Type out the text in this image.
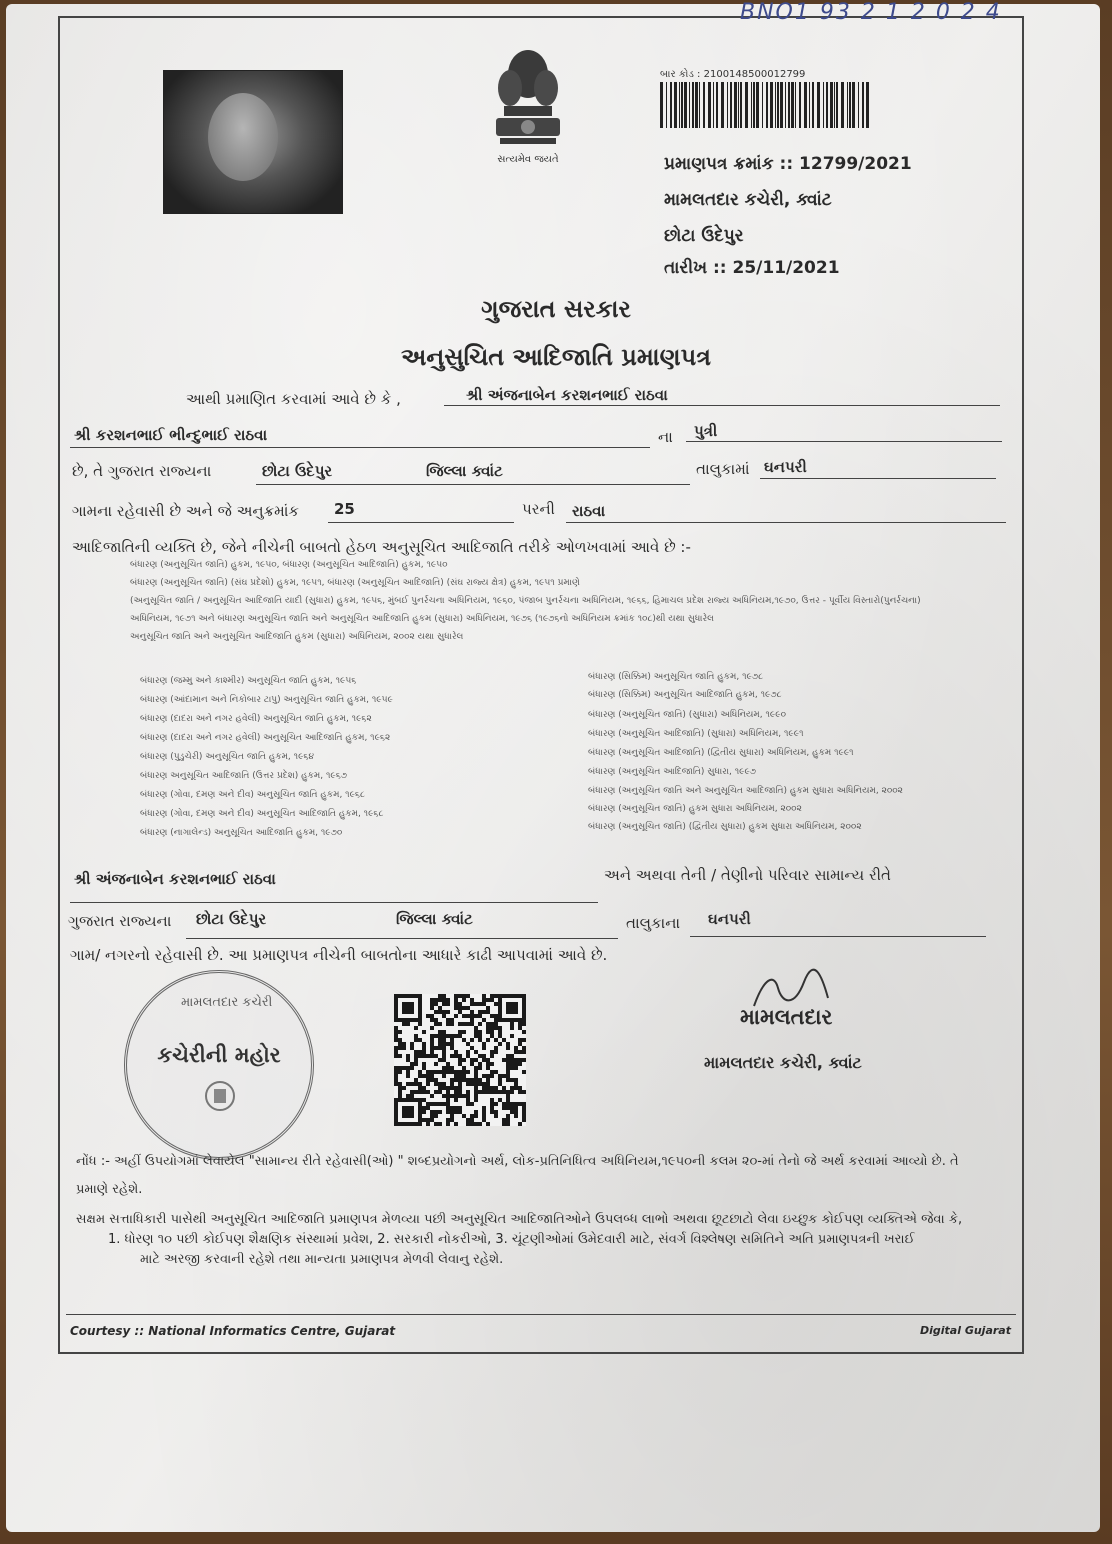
BNO1 93 2 1 2 0 2 4
સત્યમેવ જયતે
બાર કોડ : 2100148500012799
પ્રમાણપત્ર ક્રમાંક :: 12799/2021
મામલતદાર કચેરી, ક્વાંટ
છોટા ઉદેપુર
તારીખ :: 25/11/2021
ગુજરાત સરકાર
અનુસુચિત આદિજાતિ પ્રમાણપત્ર
આથી પ્રમાણિત કરવામાં આવે છે કે ,	શ્રી અંજનાબેન કરશનભાઈ રાઠવા
શ્રી કરશનભાઈ ભીન્દુભાઈ રાઠવા	ના પુત્રી
છે, તે ગુજરાત રાજ્યના	છોટા ઉદેપુર	જિલ્લા ક્વાંટ	તાલુકામાં ઘનપરી
ગામના રહેવાસી છે અને જે અનુક્રમાંક 25	પરની રાઠવા
આદિજાતિની વ્યક્તિ છે, જેને નીચેની બાબતો હેઠળ અનુસૂચિત આદિજાતિ તરીકે ઓળખવામાં આવે છે :-
બંધારણ (અનુસૂચિત જાતિ) હુકમ, ૧૯૫૦, બંધારણ (અનુસૂચિત આદિજાતિ) હુકમ, ૧૯૫૦
બંધારણ (અનુસૂચિત જાતિ) (સંઘ પ્રદેશો) હુકમ, ૧૯૫૧, બંધારણ (અનુસૂચિત આદિજાતિ) (સંઘ રાજ્ય ક્ષેત્ર) હુકમ, ૧૯૫૧ પ્રમાણે
(અનુસૂચિત જાતિ / અનુસૂચિત આદિજાતિ યાદી (સુધારા) હુકમ, ૧૯૫૬, મુંબઈ પુનર્રચના અધિનિયમ, ૧૯૬૦, પંજાબ પુનર્રચના અધિનિયમ, ૧૯૬૬, હિમાચલ પ્રદેશ રાજ્ય અધિનિયમ,૧૯૭૦, ઉત્તર - પૂર્વીય વિસ્તારો(પુનર્રચના)
અધિનિયમ, ૧૯૭૧ અને બંધારણ અનુસૂચિત જાતિ અને અનુસૂચિત આદિજાતિ હુકમ (સુધારા) અધિનિયમ, ૧૯૭૬ (૧૯૭૬નો અધિનિયમ ક્રમાંક ૧૦૮)થી યથા સુધારેલ
અનુસૂચિત જાતિ અને અનુસૂચિત આદિજાતિ હુકમ (સુધારા) અધિનિયમ, ૨૦૦૨ યથા સુધારેલ
બંધારણ (જમ્મુ અને કાશ્મીર) અનુસૂચિત જાતિ હુકમ, ૧૯૫૬
બંધારણ (આંદામાન અને નિકોબાર ટાપુ) અનુસૂચિત જાતિ હુકમ, ૧૯૫૯
બંધારણ (દાદરા અને નગર હવેલી) અનુસૂચિત જાતિ હુકમ, ૧૯૬૨
બંધારણ (દાદરા અને નગર હવેલી) અનુસૂચિત આદિજાતિ હુકમ, ૧૯૬૨
બંધારણ (પુડુચેરી) અનુસૂચિત જાતિ હુકમ, ૧૯૬૪
બંધારણ અનુસૂચિત આદિજાતિ (ઉત્તર પ્રદેશ) હુકમ, ૧૯૬૭
બંધારણ (ગોવા, દમણ અને દીવ) અનુસૂચિત જાતિ હુકમ, ૧૯૬૮
બંધારણ (ગોવા, દમણ અને દીવ) અનુસૂચિત આદિજાતિ હુકમ, ૧૯૬૮
બંધારણ (નાગાલેન્ડ) અનુસૂચિત આદિજાતિ હુકમ, ૧૯૭૦
બંધારણ (સિક્કિમ) અનુસૂચિત જાતિ હુકમ, ૧૯૭૮
બંધારણ (સિક્કિમ) અનુસૂચિત આદિજાતિ હુકમ, ૧૯૭૮
બંધારણ (અનુસૂચિત જાતિ) (સુધારા) અધિનિયમ, ૧૯૯૦
બંધારણ (અનુસૂચિત આદિજાતિ) (સુધારા) અધિનિયમ, ૧૯૯૧
બંધારણ (અનુસૂચિત આદિજાતિ) (દ્વિતીય સુધારા) અધિનિયમ, હુકમ ૧૯૯૧
બંધારણ (અનુસૂચિત આદિજાતિ) સુધારા, ૧૯૯૭
બંધારણ (અનુસૂચિત જાતિ અને અનુસૂચિત આદિજાતિ) હુકમ સુધારા અધિનિયમ, ૨૦૦૨
બંધારણ (અનુસૂચિત જાતિ) હુકમ સુધારા અધિનિયમ, ૨૦૦૨
બંધારણ (અનુસૂચિત જાતિ) (દ્વિતીય સુધારા) હુકમ સુધારા અધિનિયમ, ૨૦૦૨
શ્રી અંજનાબેન કરશનભાઈ રાઠવા	અને અથવા તેની / તેણીનો પરિવાર સામાન્ય રીતે
ગુજરાત રાજ્યના છોટા ઉદેપુર	જિલ્લા ક્વાંટ	તાલુકાના ઘનપરી
ગામ/ નગરનો રહેવાસી છે. આ પ્રમાણપત્ર નીચેની બાબતોના આધારે કાઢી આપવામાં આવે છે.
મામલતદાર કચેરી
કચેરીની મહોર
મામલતદાર
મામલતદાર કચેરી, ક્વાંટ
નોંધ :- અહીં ઉપયોગમાં લેવાયેલ "સામાન્ય રીતે રહેવાસી(ઓ) " શબ્દપ્રયોગનો અર્થ, લોક-પ્રતિનિધિત્વ અધિનિયમ,૧૯૫૦ની કલમ ૨૦-માં તેનો જે અર્થ કરવામાં આવ્યો છે. તે
પ્રમાણે રહેશે.
સક્ષમ સત્તાધિકારી પાસેથી અનુસૂચિત આદિજાતિ પ્રમાણપત્ર મેળવ્યા પછી અનુસૂચિત આદિજાતિઓને ઉપલબ્ધ લાભો અથવા છૂટછાટો લેવા ઇચ્છુક કોઈપણ વ્યક્તિએ જેવા કે,
1. ધોરણ ૧૦ પછી કોઈપણ શૈક્ષણિક સંસ્થામાં પ્રવેશ, 2. સરકારી નોકરીઓ, 3. ચૂંટણીઓમાં ઉમેદવારી માટે, સંવર્ગ વિશ્લેષણ સમિતિને અતિ પ્રમાણપત્રની ખરાઈ
માટે અરજી કરવાની રહેશે તથા માન્યતા પ્રમાણપત્ર મેળવી લેવાનુ રહેશે.
Courtesy :: National Informatics Centre, Gujarat	Digital Gujarat
